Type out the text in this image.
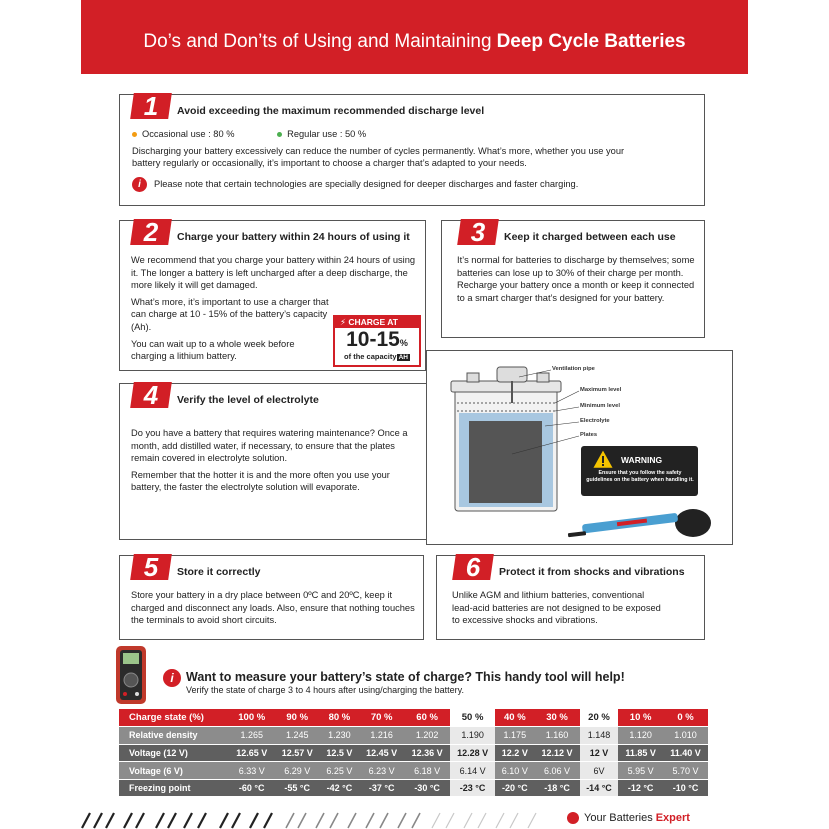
Do’s and Don’ts of Using and Maintaining Deep Cycle Batteries
1	Avoid exceeding the maximum recommended discharge level

Occasional use : 80 %	Regular use : 50 %

Discharging your battery excessively can reduce the number of cycles permanently. What’s more, whether you use your battery regularly or occasionally, it’s important to choose a charger that’s adapted to your needs.

i Please note that certain technologies are specially designed for deeper discharges and faster charging.
2	Charge your battery within 24 hours of using it

We recommend that you charge your battery within 24 hours of using it. The longer a battery is left uncharged after a deep discharge, the more likely it will get damaged.

What’s more, it’s important to use a charger that can charge at 10 - 15% of the battery’s capacity (Ah).

You can wait up to a whole week before charging a lithium battery.

⚡ CHARGE AT
10-15%
of the capacity AH
3	Keep it charged between each use
It’s normal for batteries to discharge by themselves; some batteries can lose up to 30% of their charge per month. Recharge your battery once a month or keep it connected to a smart charger that’s designed for your battery.
4	Verify the level of electrolyte

Do you have a battery that requires watering maintenance? Once a month, add distilled water, if necessary, to ensure that the plates remain covered in electrolyte solution.

Remember that the hotter it is and the more often you use your battery, the faster the electrolyte solution will evaporate.

Ventilation pipe
Maximum level
Minimum level
Electrolyte
Plates
WARNING
Ensure that you follow the safety guidelines on the battery when handling it.
5	Store it correctly
Store your battery in a dry place between 0ºC and 20ºC, keep it charged and disconnect any loads. Also, ensure that nothing touches the terminals to avoid short circuits.
6	Protect it from shocks and vibrations
Unlike AGM and lithium batteries, conventional lead-acid batteries are not designed to be exposed to excessive shocks and vibrations.
i Want to measure your battery’s state of charge? This handy tool will help!
Verify the state of charge 3 to 4 hours after using/charging the battery.
Charge state (%)	100 %	90 %	80 %	70 %	60 %	50 %	40 %	30 %	20 %	10 %	0 %
Relative density	1.265	1.245	1.230	1.216	1.202	1.190	1.175	1.160	1.148	1.120	1.010
Voltage (12 V)	12.65 V	12.57 V	12.5 V	12.45 V	12.36 V	12.28 V	12.2 V	12.12 V	12 V	11.85 V	11.40 V
Voltage (6 V)	6.33 V	6.29 V	6.25 V	6.23 V	6.18 V	6.14 V	6.10 V	6.06 V	6V	5.95 V	5.70 V
Freezing point	-60 °C	-55 °C	-42 °C	-37 °C	-30 °C	-23 °C	-20 °C	-18 °C	-14 °C	-12 °C	-10 °C
Your Batteries Expert
